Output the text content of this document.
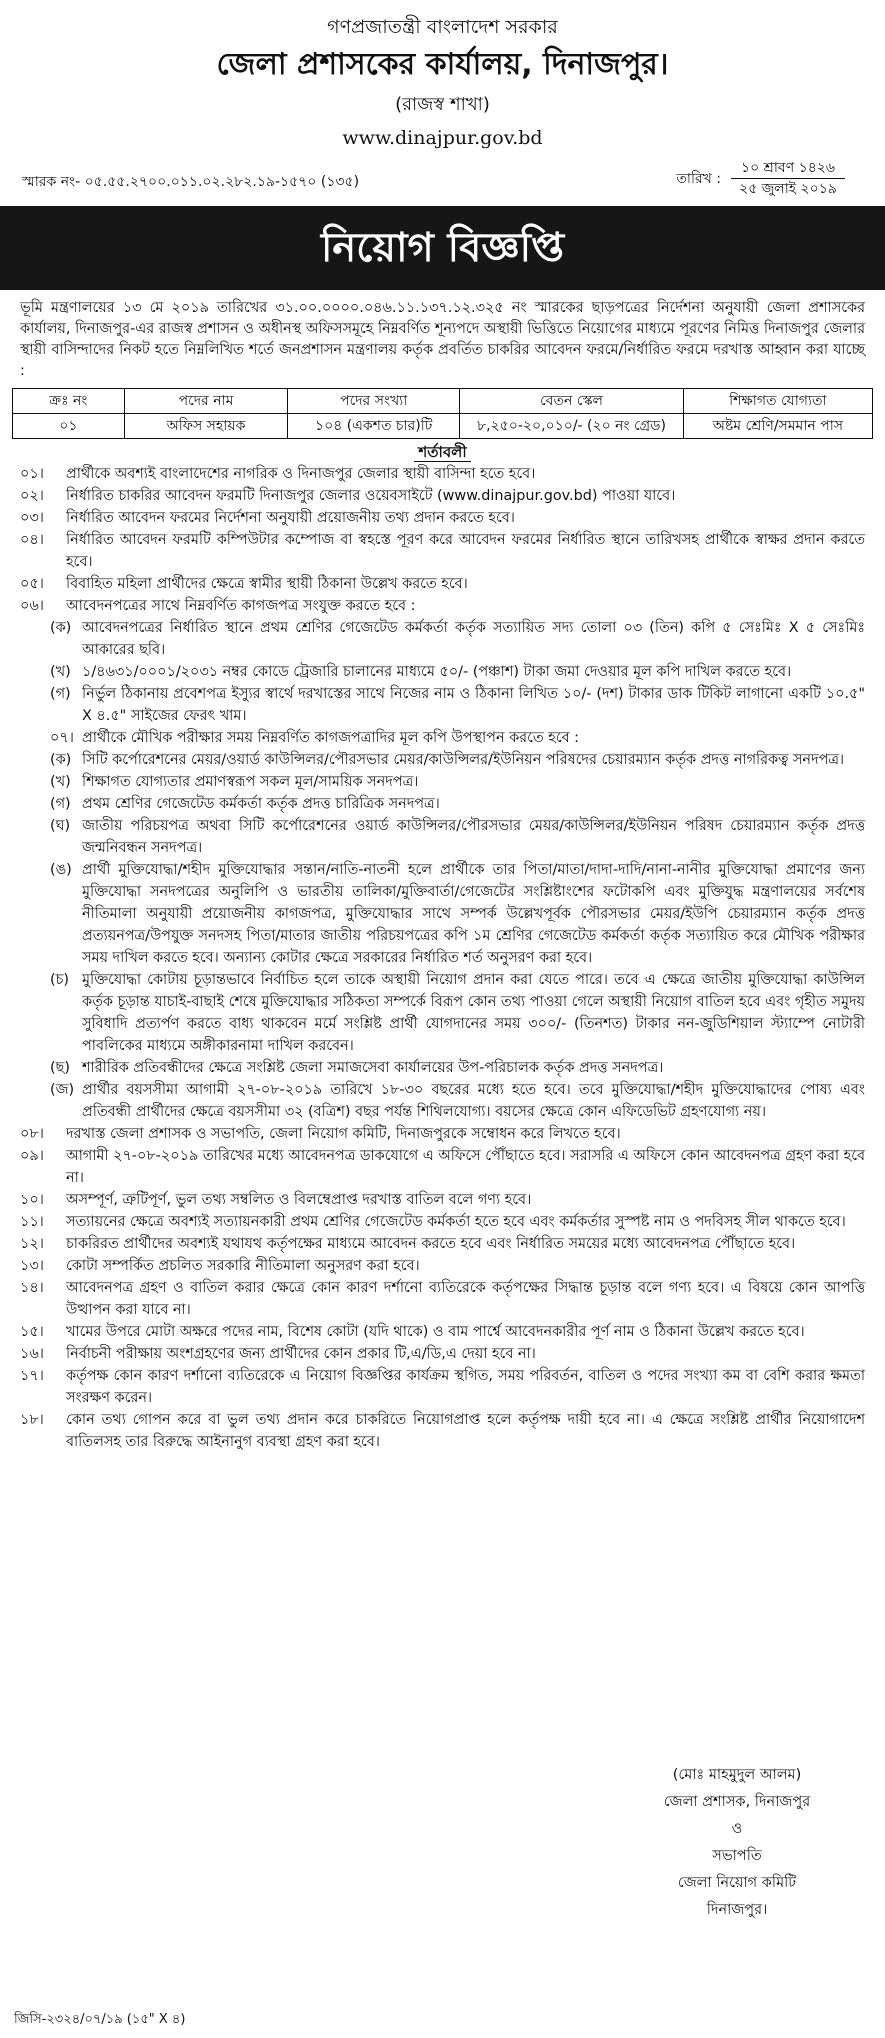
গণপ্রজাতন্ত্রী বাংলাদেশ সরকার
জেলা প্রশাসকের কার্যালয়, দিনাজপুর।
(রাজস্ব শাখা)
www.dinajpur.gov.bd
স্মারক নং- ০৫.৫৫.২৭০০.০১১.০২.২৮২.১৯-১৫৭০ (১৩৫)	তারিখ :
১০ শ্রাবণ ১৪২৬
২৫ জুলাই ২০১৯
নিয়োগ বিজ্ঞপ্তি

ভূমি মন্ত্রণালয়ের ১৩ মে ২০১৯ তারিখের ৩১.০০.০০০০.০৪৬.১১.১৩৭.১২.৩২৫ নং স্মারকের ছাড়পত্রের নির্দেশনা অনুযায়ী জেলা প্রশাসকের কার্যালয়, দিনাজপুর-এর রাজস্ব প্রশাসন ও অধীনস্থ অফিসসমূহে নিম্নবর্ণিত শূন্যপদে অস্থায়ী ভিত্তিতে নিয়োগের মাধ্যমে পূরণের নিমিত্ত দিনাজপুর জেলার স্থায়ী বাসিন্দাদের নিকট হতে নিম্নলিখিত শর্তে জনপ্রশাসন মন্ত্রণালয় কর্তৃক প্রবর্তিত চাকরির আবেদন ফরমে/নির্ধারিত ফরমে দরখাস্ত আহ্বান করা যাচ্ছে :

ক্রঃ নং	পদের নাম	পদের সংখ্যা	বেতন স্কেল	শিক্ষাগত যোগ্যতা
০১	অফিস সহায়ক	১০৪ (একশত চার)টি	৮,২৫০-২০,০১০/- (২০ নং গ্রেড)	অষ্টম শ্রেণি/সমমান পাস
শর্তাবলী
০১।	প্রার্থীকে অবশ্যই বাংলাদেশের নাগরিক ও দিনাজপুর জেলার স্থায়ী বাসিন্দা হতে হবে।
০২।	নির্ধারিত চাকরির আবেদন ফরমটি দিনাজপুর জেলার ওয়েবসাইটে (www.dinajpur.gov.bd) পাওয়া যাবে।
০৩।	নির্ধারিত আবেদন ফরমের নির্দেশনা অনুযায়ী প্রয়োজনীয় তথ্য প্রদান করতে হবে।
০৪।	নির্ধারিত আবেদন ফরমটি কম্পিউটার কম্পোজ বা স্বহস্তে পূরণ করে আবেদন ফরমের নির্ধারিত স্থানে তারিখসহ প্রার্থীকে স্বাক্ষর প্রদান করতে হবে।
০৫।	বিবাহিত মহিলা প্রার্থীদের ক্ষেত্রে স্বামীর স্থায়ী ঠিকানা উল্লেখ করতে হবে।
০৬।	আবেদনপত্রের সাথে নিম্নবর্ণিত কাগজপত্র সংযুক্ত করতে হবে :
(ক) আবেদনপত্রের নির্ধারিত স্থানে প্রথম শ্রেণির গেজেটেড কর্মকর্তা কর্তৃক সত্যায়িত সদ্য তোলা ০৩ (তিন) কপি ৫ সেঃমিঃ X ৫ সেঃমিঃ আকারের ছবি।
(খ) ১/৪৬৩১/০০০১/২০৩১ নম্বর কোডে ট্রেজারি চালানের মাধ্যমে ৫০/- (পঞ্চাশ) টাকা জমা দেওয়ার মূল কপি দাখিল করতে হবে।
(গ) নির্ভুল ঠিকানায় প্রবেশপত্র ইস্যুর স্বার্থে দরখাস্তের সাথে নিজের নাম ও ঠিকানা লিখিত ১০/- (দশ) টাকার ডাক টিকিট লাগানো একটি ১০.৫" X ৪.৫" সাইজের ফেরৎ খাম।
০৭। প্রার্থীকে মৌখিক পরীক্ষার সময় নিম্নবর্ণিত কাগজপত্রাদির মূল কপি উপস্থাপন করতে হবে :
(ক) সিটি কর্পোরেশনের মেয়র/ওয়ার্ড কাউন্সিলর/পৌরসভার মেয়র/কাউন্সিলর/ইউনিয়ন পরিষদের চেয়ারম্যান কর্তৃক প্রদত্ত নাগরিকত্ব সনদপত্র।
(খ) শিক্ষাগত যোগ্যতার প্রমাণস্বরূপ সকল মূল/সাময়িক সনদপত্র।
(গ) প্রথম শ্রেণির গেজেটেড কর্মকর্তা কর্তৃক প্রদত্ত চারিত্রিক সনদপত্র।
(ঘ) জাতীয় পরিচয়পত্র অথবা সিটি কর্পোরেশনের ওয়ার্ড কাউন্সিলর/পৌরসভার মেয়র/কাউন্সিলর/ইউনিয়ন পরিষদ চেয়ারম্যান কর্তৃক প্রদত্ত জন্মনিবন্ধন সনদপত্র।
(ঙ) প্রার্থী মুক্তিযোদ্ধা/শহীদ মুক্তিযোদ্ধার সন্তান/নাতি-নাতনী হলে প্রার্থীকে তার পিতা/মাতা/দাদা-দাদি/নানা-নানীর মুক্তিযোদ্ধা প্রমাণের জন্য মুক্তিযোদ্ধা সনদপত্রের অনুলিপি ও ভারতীয় তালিকা/মুক্তিবার্তা/গেজেটের সংশ্লিষ্টাংশের ফটোকপি এবং মুক্তিযুদ্ধ মন্ত্রণালয়ের সর্বশেষ নীতিমালা অনুযায়ী প্রয়োজনীয় কাগজপত্র, মুক্তিযোদ্ধার সাথে সম্পর্ক উল্লেখপূর্বক পৌরসভার মেয়র/ইউপি চেয়ারম্যান কর্তৃক প্রদত্ত প্রত্যয়নপত্র/উপযুক্ত সনদসহ পিতা/মাতার জাতীয় পরিচয়পত্রের কপি ১ম শ্রেণির গেজেটেড কর্মকর্তা কর্তৃক সত্যায়িত করে মৌখিক পরীক্ষার সময় দাখিল করতে হবে। অন্যান্য কোটার ক্ষেত্রে সরকারের নির্ধারিত শর্ত অনুসরণ করা হবে।
(চ) মুক্তিযোদ্ধা কোটায় চূড়ান্তভাবে নির্বাচিত হলে তাকে অস্থায়ী নিয়োগ প্রদান করা যেতে পারে। তবে এ ক্ষেত্রে জাতীয় মুক্তিযোদ্ধা কাউন্সিল কর্তৃক চূড়ান্ত যাচাই-বাছাই শেষে মুক্তিযোদ্ধার সঠিকতা সম্পর্কে বিরূপ কোন তথ্য পাওয়া গেলে অস্থায়ী নিয়োগ বাতিল হবে এবং গৃহীত সমুদয় সুবিধাদি প্রত্যর্পণ করতে বাধ্য থাকবেন মর্মে সংশ্লিষ্ট প্রার্থী যোগদানের সময় ৩০০/- (তিনশত) টাকার নন-জুডিশিয়াল স্ট্যাম্পে নোটারী পাবলিকের মাধ্যমে অঙ্গীকারনামা দাখিল করবেন।
(ছ) শারীরিক প্রতিবন্ধীদের ক্ষেত্রে সংশ্লিষ্ট জেলা সমাজসেবা কার্যালয়ের উপ-পরিচালক কর্তৃক প্রদত্ত সনদপত্র।
(জ) প্রার্থীর বয়সসীমা আগামী ২৭-০৮-২০১৯ তারিখে ১৮-৩০ বছরের মধ্যে হতে হবে। তবে মুক্তিযোদ্ধা/শহীদ মুক্তিযোদ্ধাদের পোষ্য এবং প্রতিবন্ধী প্রার্থীদের ক্ষেত্রে বয়সসীমা ৩২ (বত্রিশ) বছর পর্যন্ত শিথিলযোগ্য। বয়সের ক্ষেত্রে কোন এফিডেভিট গ্রহণযোগ্য নয়।
০৮।	দরখাস্ত জেলা প্রশাসক ও সভাপতি, জেলা নিয়োগ কমিটি, দিনাজপুরকে সম্বোধন করে লিখতে হবে।
০৯।	আগামী ২৭-০৮-২০১৯ তারিখের মধ্যে আবেদনপত্র ডাকযোগে এ অফিসে পৌঁছাতে হবে। সরাসরি এ অফিসে কোন আবেদনপত্র গ্রহণ করা হবে না।
১০।	অসম্পূর্ণ, ত্রুটিপূর্ণ, ভুল তথ্য সম্বলিত ও বিলম্বেপ্রাপ্ত দরখাস্ত বাতিল বলে গণ্য হবে।
১১।	সত্যায়নের ক্ষেত্রে অবশ্যই সত্যায়নকারী প্রথম শ্রেণির গেজেটেড কর্মকর্তা হতে হবে এবং কর্মকর্তার সুস্পষ্ট নাম ও পদবিসহ সীল থাকতে হবে।
১২।	চাকরিরত প্রার্থীদের অবশ্যই যথাযথ কর্তৃপক্ষের মাধ্যমে আবেদন করতে হবে এবং নির্ধারিত সময়ের মধ্যে আবেদনপত্র পৌঁছাতে হবে।
১৩।	কোটা সম্পর্কিত প্রচলিত সরকারি নীতিমালা অনুসরণ করা হবে।
১৪।	আবেদনপত্র গ্রহণ ও বাতিল করার ক্ষেত্রে কোন কারণ দর্শানো ব্যতিরেকে কর্তৃপক্ষের সিদ্ধান্ত চূড়ান্ত বলে গণ্য হবে। এ বিষয়ে কোন আপত্তি উত্থাপন করা যাবে না।
১৫।	খামের উপরে মোটা অক্ষরে পদের নাম, বিশেষ কোটা (যদি থাকে) ও বাম পার্শ্বে আবেদনকারীর পূর্ণ নাম ও ঠিকানা উল্লেখ করতে হবে।
১৬।	নির্বাচনী পরীক্ষায় অংশগ্রহণের জন্য প্রার্থীদের কোন প্রকার টি,এ/ডি,এ দেয়া হবে না।
১৭।	কর্তৃপক্ষ কোন কারণ দর্শানো ব্যতিরেকে এ নিয়োগ বিজ্ঞপ্তির কার্যক্রম স্থগিত, সময় পরিবর্তন, বাতিল ও পদের সংখ্যা কম বা বেশি করার ক্ষমতা সংরক্ষণ করেন।
১৮।	কোন তথ্য গোপন করে বা ভুল তথ্য প্রদান করে চাকরিতে নিয়োগপ্রাপ্ত হলে কর্তৃপক্ষ দায়ী হবে না। এ ক্ষেত্রে সংশ্লিষ্ট প্রার্থীর নিয়োগাদেশ বাতিলসহ তার বিরুদ্ধে আইনানুগ ব্যবস্থা গ্রহণ করা হবে।
(মোঃ মাহমুদুল আলম)
জেলা প্রশাসক, দিনাজপুর
ও
সভাপতি
জেলা নিয়োগ কমিটি
দিনাজপুর।
জিসি-২৩২৪/০৭/১৯ (১৫" X ৪)
